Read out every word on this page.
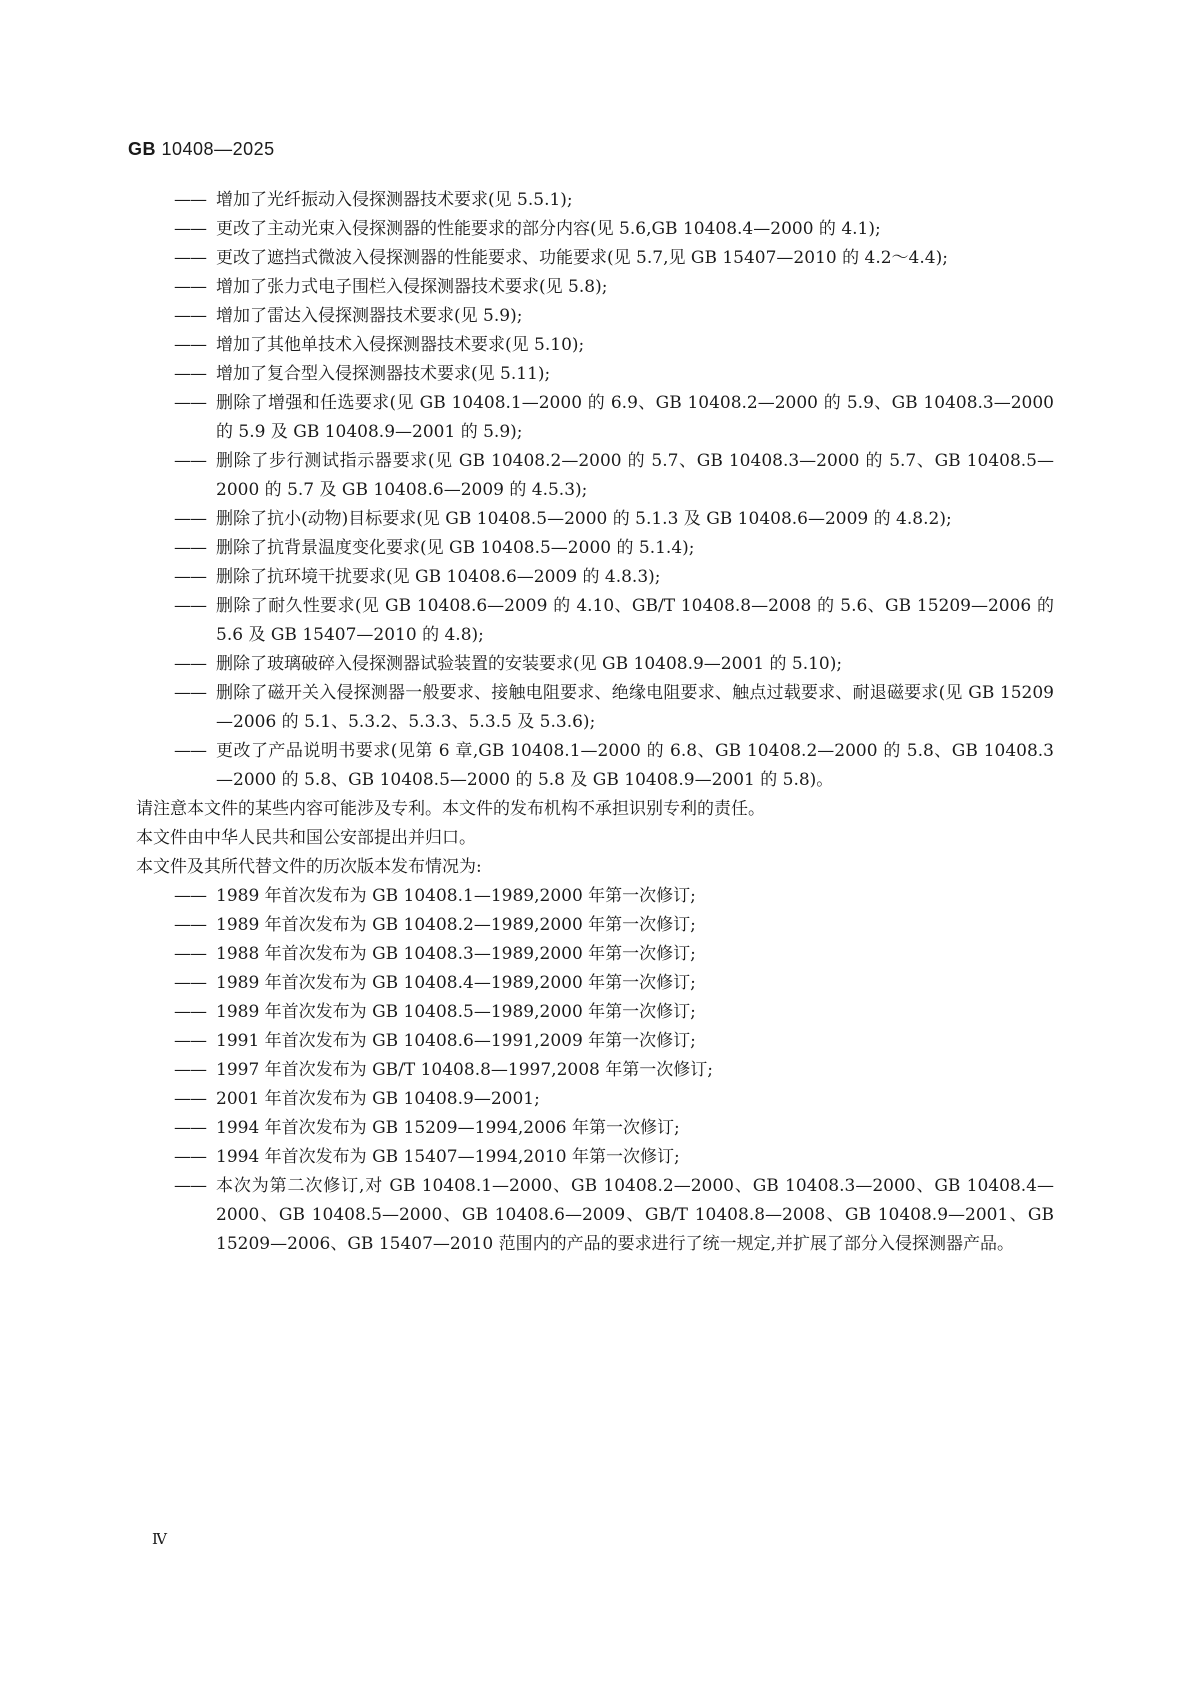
GB 10408—2025
—— 增加了光纤振动入侵探测器技术要求(见 5.5.1);
—— 更改了主动光束入侵探测器的性能要求的部分内容(见 5.6,GB 10408.4—2000 的 4.1);
—— 更改了遮挡式微波入侵探测器的性能要求、功能要求(见 5.7,见 GB 15407—2010 的 4.2～4.4);
—— 增加了张力式电子围栏入侵探测器技术要求(见 5.8);
—— 增加了雷达入侵探测器技术要求(见 5.9);
—— 增加了其他单技术入侵探测器技术要求(见 5.10);
—— 增加了复合型入侵探测器技术要求(见 5.11);
—— 删除了增强和任选要求(见 GB 10408.1—2000 的 6.9、GB 10408.2—2000 的 5.9、GB 10408.3—2000 的 5.9 及 GB 10408.9—2001 的 5.9);
—— 删除了步行测试指示器要求(见 GB 10408.2—2000 的 5.7、GB 10408.3—2000 的 5.7、GB 10408.5—2000 的 5.7 及 GB 10408.6—2009 的 4.5.3);
—— 删除了抗小(动物)目标要求(见 GB 10408.5—2000 的 5.1.3 及 GB 10408.6—2009 的 4.8.2);
—— 删除了抗背景温度变化要求(见 GB 10408.5—2000 的 5.1.4);
—— 删除了抗环境干扰要求(见 GB 10408.6—2009 的 4.8.3);
—— 删除了耐久性要求(见 GB 10408.6—2009 的 4.10、GB/T 10408.8—2008 的 5.6、GB 15209—2006 的 5.6 及 GB 15407—2010 的 4.8);
—— 删除了玻璃破碎入侵探测器试验装置的安装要求(见 GB 10408.9—2001 的 5.10);
—— 删除了磁开关入侵探测器一般要求、接触电阻要求、绝缘电阻要求、触点过载要求、耐退磁要求(见 GB 15209—2006 的 5.1、5.3.2、5.3.3、5.3.5 及 5.3.6);
—— 更改了产品说明书要求(见第 6 章,GB 10408.1—2000 的 6.8、GB 10408.2—2000 的 5.8、GB 10408.3—2000 的 5.8、GB 10408.5—2000 的 5.8 及 GB 10408.9—2001 的 5.8)。
请注意本文件的某些内容可能涉及专利。本文件的发布机构不承担识别专利的责任。
本文件由中华人民共和国公安部提出并归口。
本文件及其所代替文件的历次版本发布情况为:
—— 1989 年首次发布为 GB 10408.1—1989,2000 年第一次修订;
—— 1989 年首次发布为 GB 10408.2—1989,2000 年第一次修订;
—— 1988 年首次发布为 GB 10408.3—1989,2000 年第一次修订;
—— 1989 年首次发布为 GB 10408.4—1989,2000 年第一次修订;
—— 1989 年首次发布为 GB 10408.5—1989,2000 年第一次修订;
—— 1991 年首次发布为 GB 10408.6—1991,2009 年第一次修订;
—— 1997 年首次发布为 GB/T 10408.8—1997,2008 年第一次修订;
—— 2001 年首次发布为 GB 10408.9—2001;
—— 1994 年首次发布为 GB 15209—1994,2006 年第一次修订;
—— 1994 年首次发布为 GB 15407—1994,2010 年第一次修订;
—— 本次为第二次修订,对 GB 10408.1—2000、GB 10408.2—2000、GB 10408.3—2000、GB 10408.4—2000、GB 10408.5—2000、GB 10408.6—2009、GB/T 10408.8—2008、GB 10408.9—2001、GB 15209—2006、GB 15407—2010 范围内的产品的要求进行了统一规定,并扩展了部分入侵探测器产品。
Ⅳ
